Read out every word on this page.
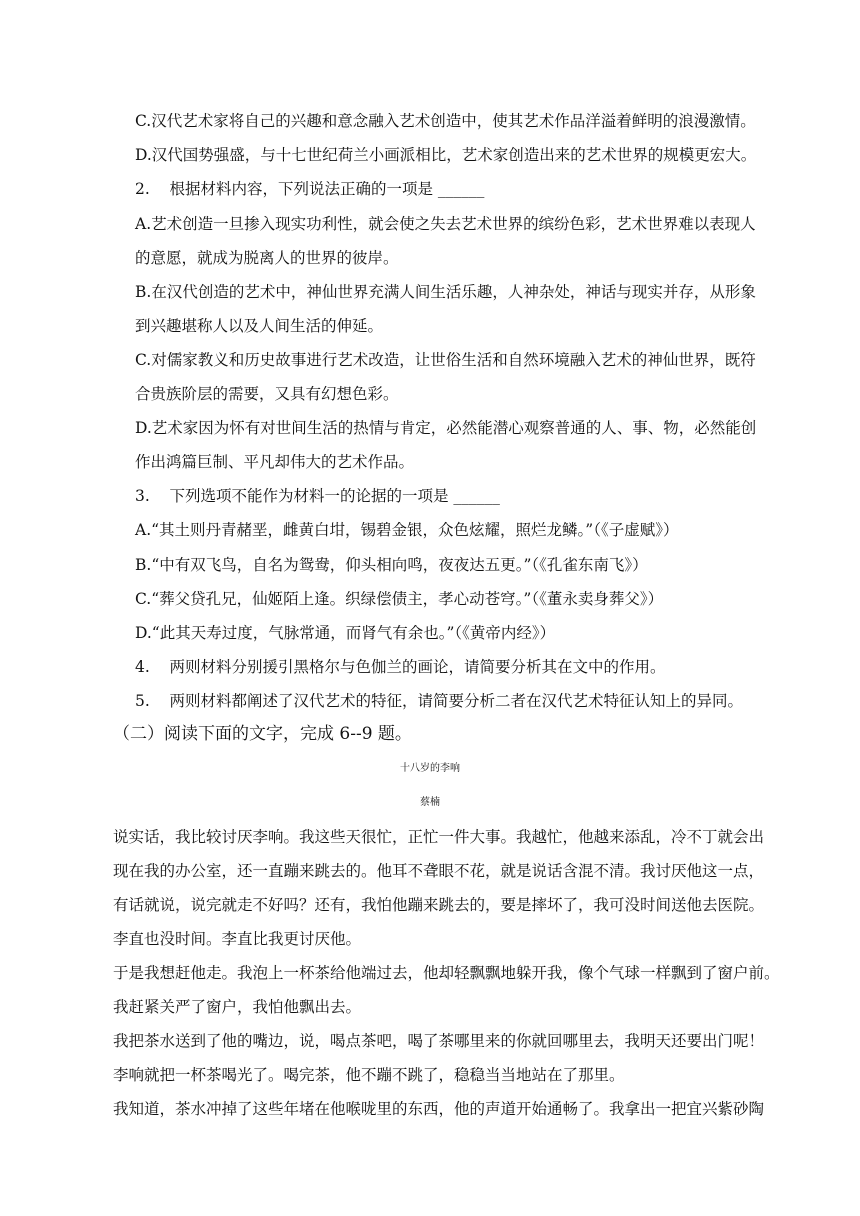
C.汉代艺术家将自己的兴趣和意念融入艺术创造中，使其艺术作品洋溢着鲜明的浪漫激情。
D.汉代国势强盛，与十七世纪荷兰小画派相比，艺术家创造出来的艺术世界的规模更宏大。
2.    根据材料内容，下列说法正确的一项是 ______
A.艺术创造一旦掺入现实功利性，就会使之失去艺术世界的缤纷色彩，艺术世界难以表现人
的意愿，就成为脱离人的世界的彼岸。
B.在汉代创造的艺术中，神仙世界充满人间生活乐趣，人神杂处，神话与现实并存，从形象
到兴趣堪称人以及人间生活的伸延。
C.对儒家教义和历史故事进行艺术改造，让世俗生活和自然环境融入艺术的神仙世界，既符
合贵族阶层的需要，又具有幻想色彩。
D.艺术家因为怀有对世间生活的热情与肯定，必然能潜心观察普通的人、事、物，必然能创
作出鸿篇巨制、平凡却伟大的艺术作品。
3.    下列选项不能作为材料一的论据的一项是 ______
A.“其土则丹青赭垩，雌黄白坩，锡碧金银，众色炫耀，照烂龙鳞。”（《子虚赋》）
B.“中有双飞鸟，自名为鸳鸯，仰头相向鸣，夜夜达五更。”（《孔雀东南飞》）
C.“葬父贷孔兄，仙姬陌上逢。织绿偿债主，孝心动苍穹。”（《董永卖身葬父》）
D.“此其天寿过度，气脉常通，而肾气有余也。”（《黄帝内经》）
4.    两则材料分别援引黑格尔与色伽兰的画论，请简要分析其在文中的作用。
5.    两则材料都阐述了汉代艺术的特征，请简要分析二者在汉代艺术特征认知上的异同。
（二）阅读下面的文字，完成 6--9 题。
十八岁的李响
蔡楠
说实话，我比较讨厌李响。我这些天很忙，正忙一件大事。我越忙，他越来添乱，冷不丁就会出
现在我的办公室，还一直蹦来跳去的。他耳不聋眼不花，就是说话含混不清。我讨厌他这一点，
有话就说，说完就走不好吗？还有，我怕他蹦来跳去的，要是摔坏了，我可没时间送他去医院。
李直也没时间。李直比我更讨厌他。
于是我想赶他走。我泡上一杯茶给他端过去，他却轻飘飘地躲开我，像个气球一样飘到了窗户前。
我赶紧关严了窗户，我怕他飘出去。
我把茶水送到了他的嘴边，说，喝点茶吧，喝了茶哪里来的你就回哪里去，我明天还要出门呢！
李响就把一杯茶喝光了。喝完茶，他不蹦不跳了，稳稳当当地站在了那里。
我知道，茶水冲掉了这些年堵在他喉咙里的东西，他的声道开始通畅了。我拿出一把宜兴紫砂陶
